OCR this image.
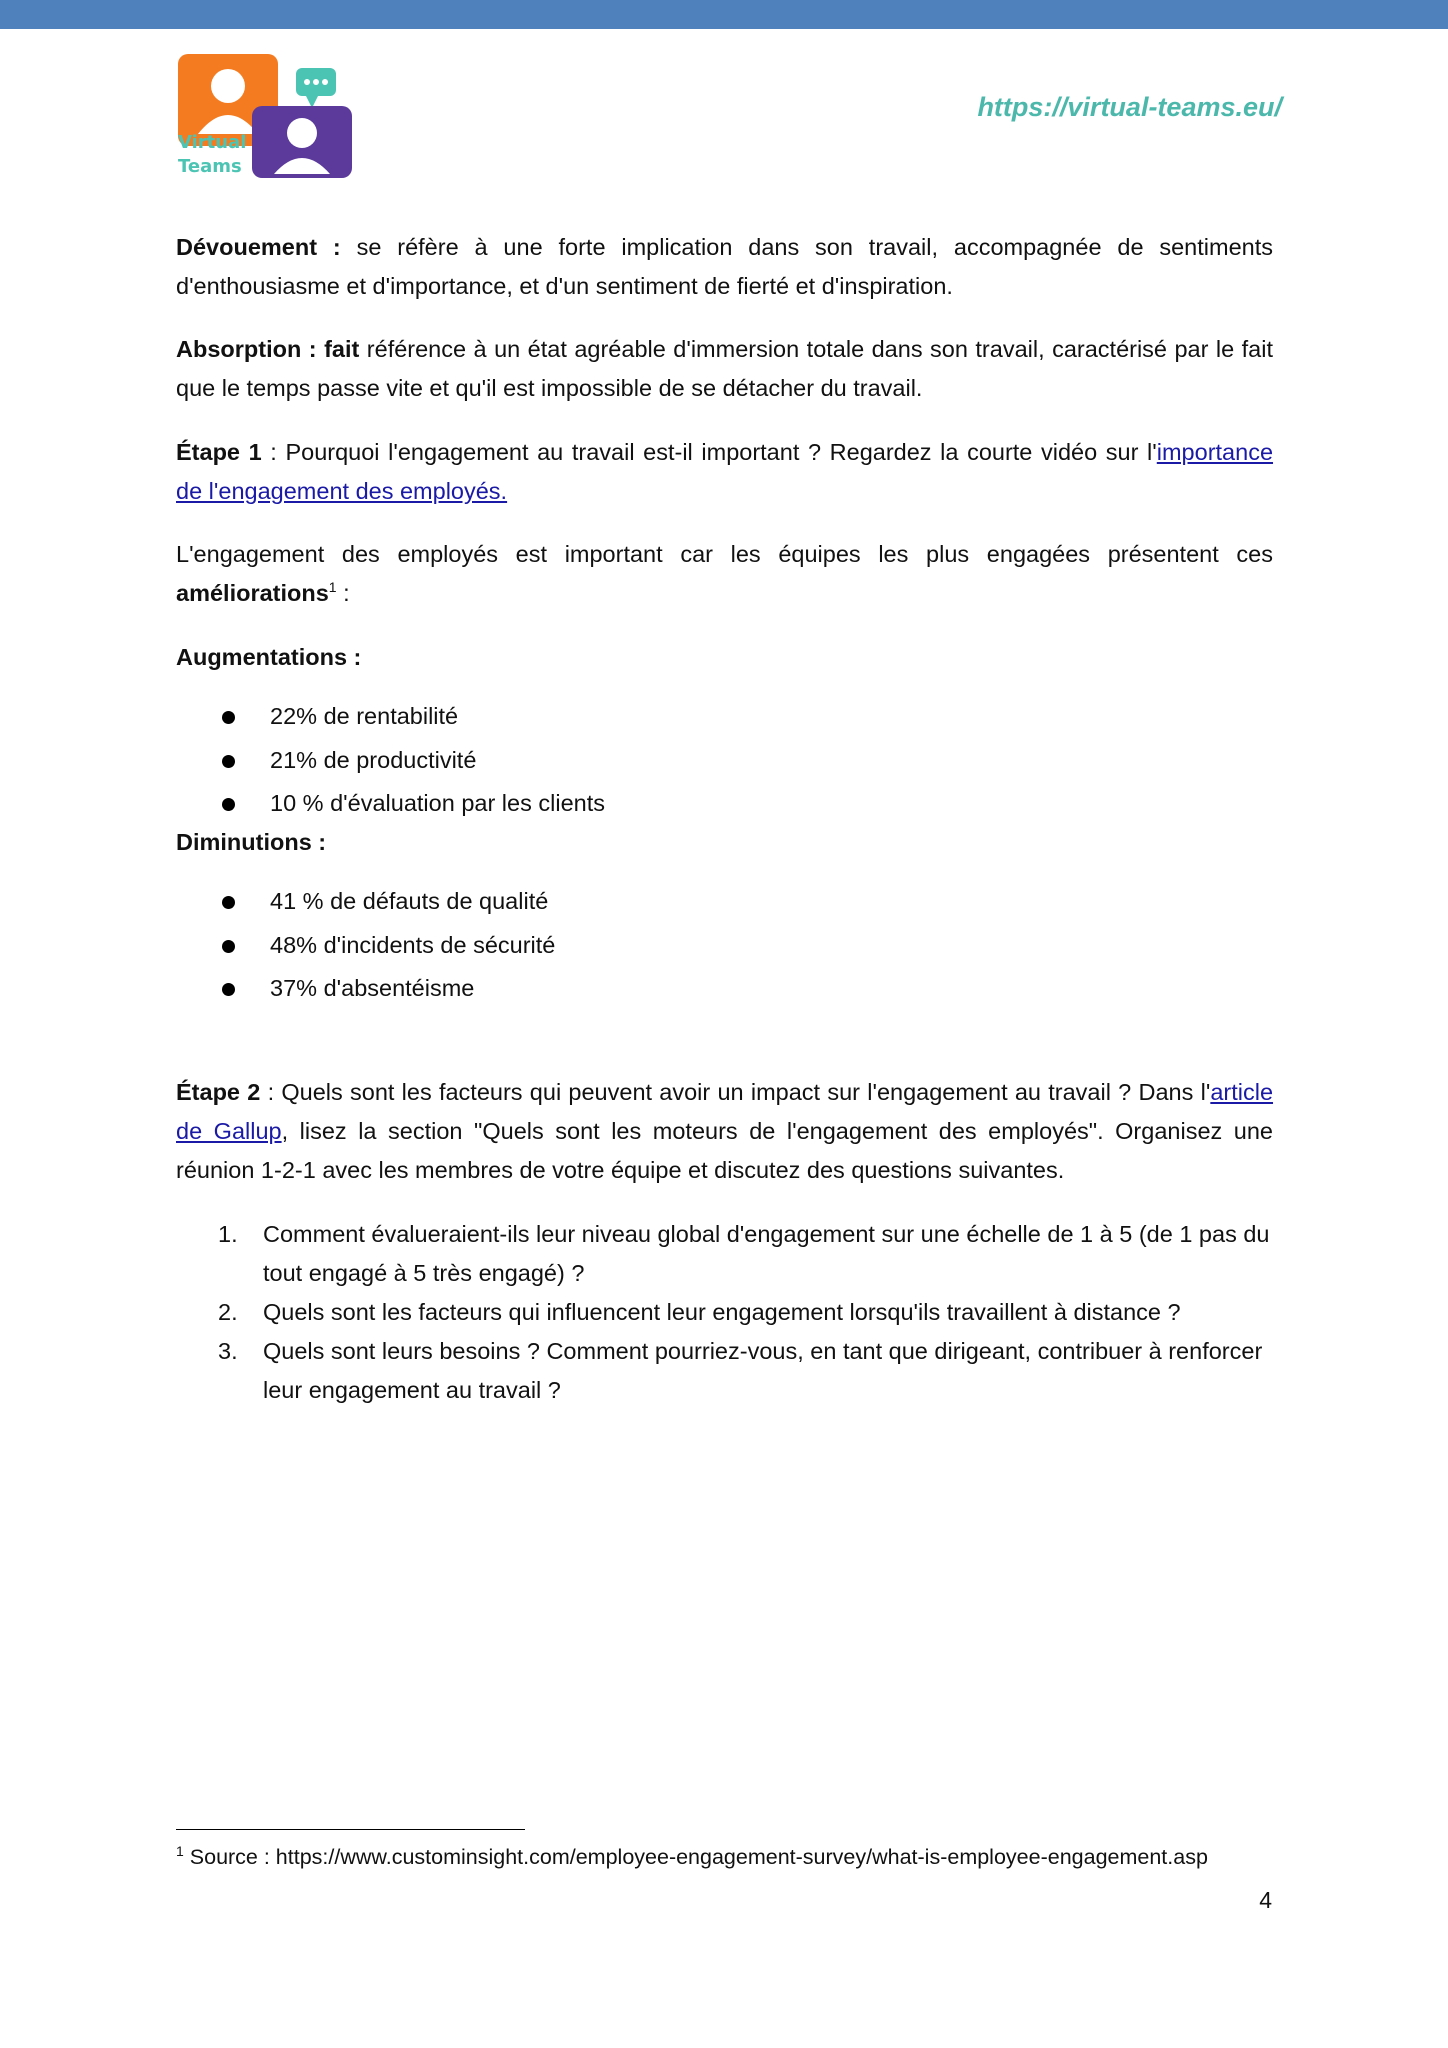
Virtual
Teams
https://virtual-teams.eu/

Dévouement : se réfère à une forte implication dans son travail, accompagnée de sentiments d'enthousiasme et d'importance, et d'un sentiment de fierté et d'inspiration.

Absorption : fait référence à un état agréable d'immersion totale dans son travail, caractérisé par le fait que le temps passe vite et qu'il est impossible de se détacher du travail.

Étape 1 : Pourquoi l'engagement au travail est-il important ? Regardez la courte vidéo sur l'importance de l'engagement des employés.

L'engagement des employés est important car les équipes les plus engagées présentent ces améliorations$^1$ :

Augmentations :

22% de rentabilité
21% de productivité
10 % d'évaluation par les clients

Diminutions :

41 % de défauts de qualité
48% d'incidents de sécurité
37% d'absentéisme

Étape 2 : Quels sont les facteurs qui peuvent avoir un impact sur l'engagement au travail ? Dans l'article de Gallup, lisez la section "Quels sont les moteurs de l'engagement des employés". Organisez une réunion 1-2-1 avec les membres de votre équipe et discutez des questions suivantes.

1. Comment évalueraient-ils leur niveau global d'engagement sur une échelle de 1 à 5 (de 1 pas du tout engagé à 5 très engagé) ?
2. Quels sont les facteurs qui influencent leur engagement lorsqu'ils travaillent à distance ?
3. Quels sont leurs besoins ? Comment pourriez-vous, en tant que dirigeant, contribuer à renforcer leur engagement au travail ?
$^1$ Source : https://www.custominsight.com/employee-engagement-survey/what-is-employee-engagement.asp
4
